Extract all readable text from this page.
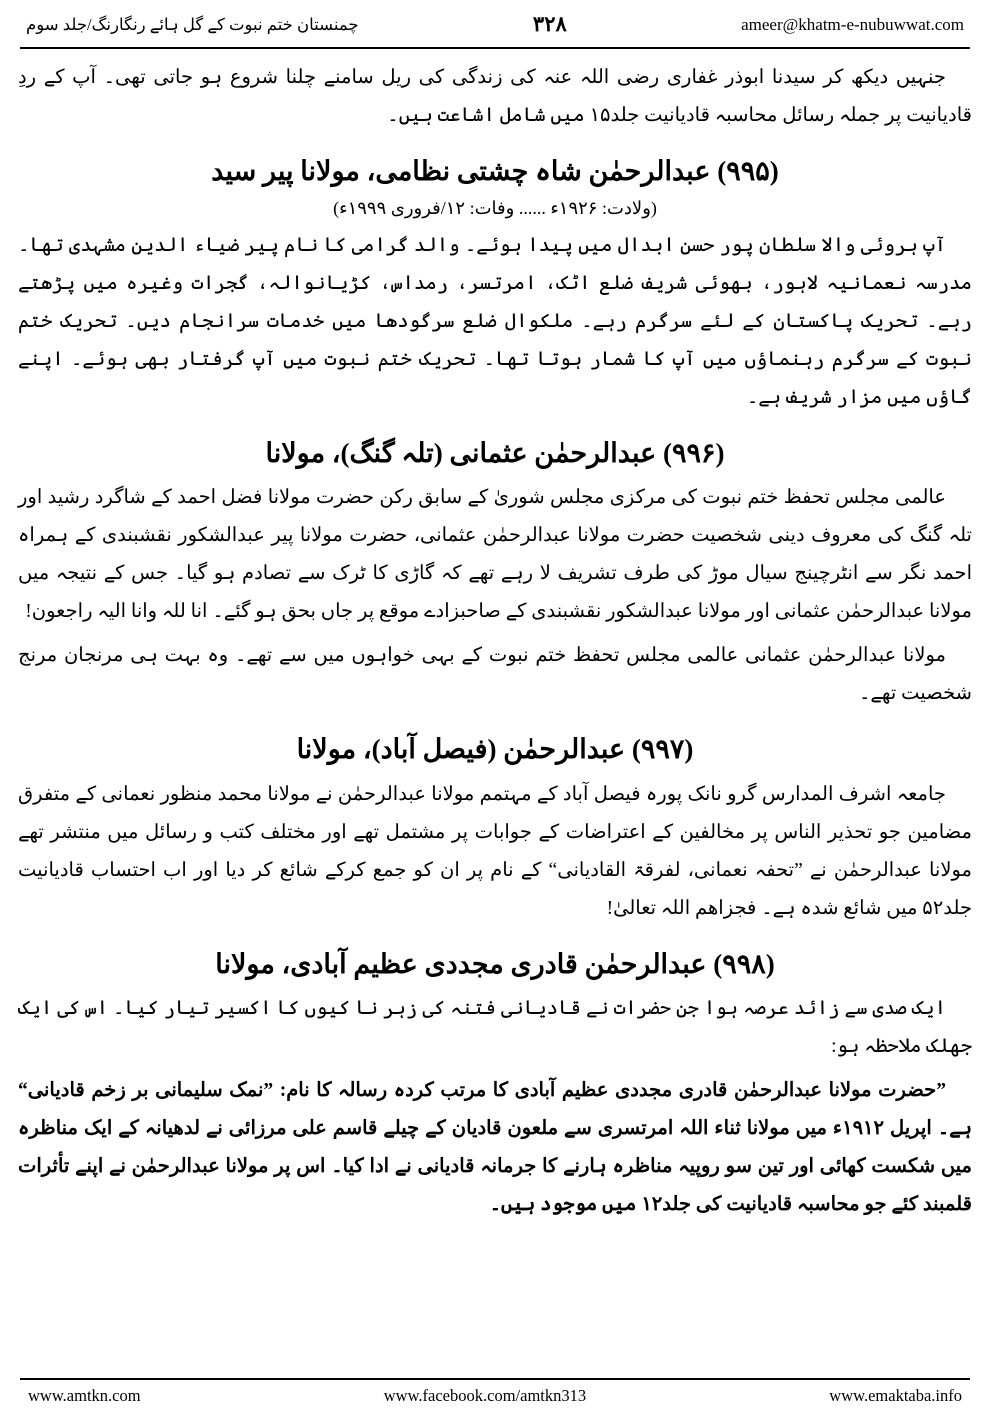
چمنستان ختم نبوت کے گل ہائے رنگارنگ/جلد سوم	۳۲۸	ameer@khatm-e-nubuwwat.com

جنہیں دیکھ کر سیدنا ابوذر غفاری رضی اللہ عنہ کی زندگی کی ریل سامنے چلنا شروع ہو جاتی تھی۔ آپ کے ردِ قادیانیت پر جملہ رسائل محاسبہ قادیانیت جلد۱۵ میں شامل اشاعت ہیں۔

(۹۹۵) عبدالرحمٰن شاہ چشتی نظامی، مولانا پیر سید

(ولادت: ۱۹۲۶ء ...... وفات: ۱۲/فروری ۱۹۹۹ء)

آپ ہروئی والا سلطان پور حسن ابدال میں پیدا ہوئے۔ والد گرامی کا نام پیر ضیاء الدین مشہدی تھا۔ مدرسہ نعمانیہ لاہور، بھوئی شریف ضلع اٹک، امرتسر، رمداس، کڑیانوالہ، گجرات وغیرہ میں پڑھتے رہے۔ تحریک پاکستان کے لئے سرگرم رہے۔ ملکوال ضلع سرگودھا میں خدمات سرانجام دیں۔ تحریک ختم نبوت کے سرگرم رہنماؤں میں آپ کا شمار ہوتا تھا۔ تحریک ختم نبوت میں آپ گرفتار بھی ہوئے۔ اپنے گاؤں میں مزار شریف ہے۔

(۹۹۶) عبدالرحمٰن عثمانی (تلہ گنگ)، مولانا

عالمی مجلس تحفظ ختم نبوت کی مرکزی مجلس شوریٰ کے سابق رکن حضرت مولانا فضل احمد کے شاگرد رشید اور تلہ گنگ کی معروف دینی شخصیت حضرت مولانا عبدالرحمٰن عثمانی، حضرت مولانا پیر عبدالشکور نقشبندی کے ہمراہ احمد نگر سے انٹرچینج سیال موڑ کی طرف تشریف لا رہے تھے کہ گاڑی کا ٹرک سے تصادم ہو گیا۔ جس کے نتیجہ میں مولانا عبدالرحمٰن عثمانی اور مولانا عبدالشکور نقشبندی کے صاحبزادے موقع پر جاں بحق ہو گئے۔ انا للہ وانا الیہ راجعون!

مولانا عبدالرحمٰن عثمانی عالمی مجلس تحفظ ختم نبوت کے بہی خواہوں میں سے تھے۔ وہ بہت ہی مرنجان مرنج شخصیت تھے۔

(۹۹۷) عبدالرحمٰن (فیصل آباد)، مولانا

جامعہ اشرف المدارس گرو نانک پورہ فیصل آباد کے مہتمم مولانا عبدالرحمٰن نے مولانا محمد منظور نعمانی کے متفرق مضامین جو تحذیر الناس پر مخالفین کے اعتراضات کے جوابات پر مشتمل تھے اور مختلف کتب و رسائل میں منتشر تھے مولانا عبدالرحمٰن نے ”تحفہ نعمانی، لفرقۃ القادیانی“ کے نام پر ان کو جمع کرکے شائع کر دیا اور اب احتساب قادیانیت جلد۵۲ میں شائع شدہ ہے۔ فجزاھم اللہ تعالیٰ!

(۹۹۸) عبدالرحمٰن قادری مجددی عظیم آبادی، مولانا

ایک صدی سے زائد عرصہ ہوا جن حضرات نے قادیانی فتنہ کی زہر نا کیوں کا اکسیر تیار کیا۔ اس کی ایک جھلک ملاحظہ ہو:

”حضرت مولانا عبدالرحمٰن قادری مجددی عظیم آبادی کا مرتب کردہ رسالہ کا نام: ”نمک سلیمانی بر زخم قادیانی“ ہے۔ اپریل ۱۹۱۲ء میں مولانا ثناء اللہ امرتسری سے ملعون قادیان کے چیلے قاسم علی مرزائی نے لدھیانہ کے ایک مناظرہ میں شکست کھائی اور تین سو روپیہ مناظرہ ہارنے کا جرمانہ قادیانی نے ادا کیا۔ اس پر مولانا عبدالرحمٰن نے اپنے تأثرات قلمبند کئے جو محاسبہ قادیانیت کی جلد۱۲ میں موجود ہیں۔

www.amtkn.com	www.facebook.com/amtkn313	www.emaktaba.info
